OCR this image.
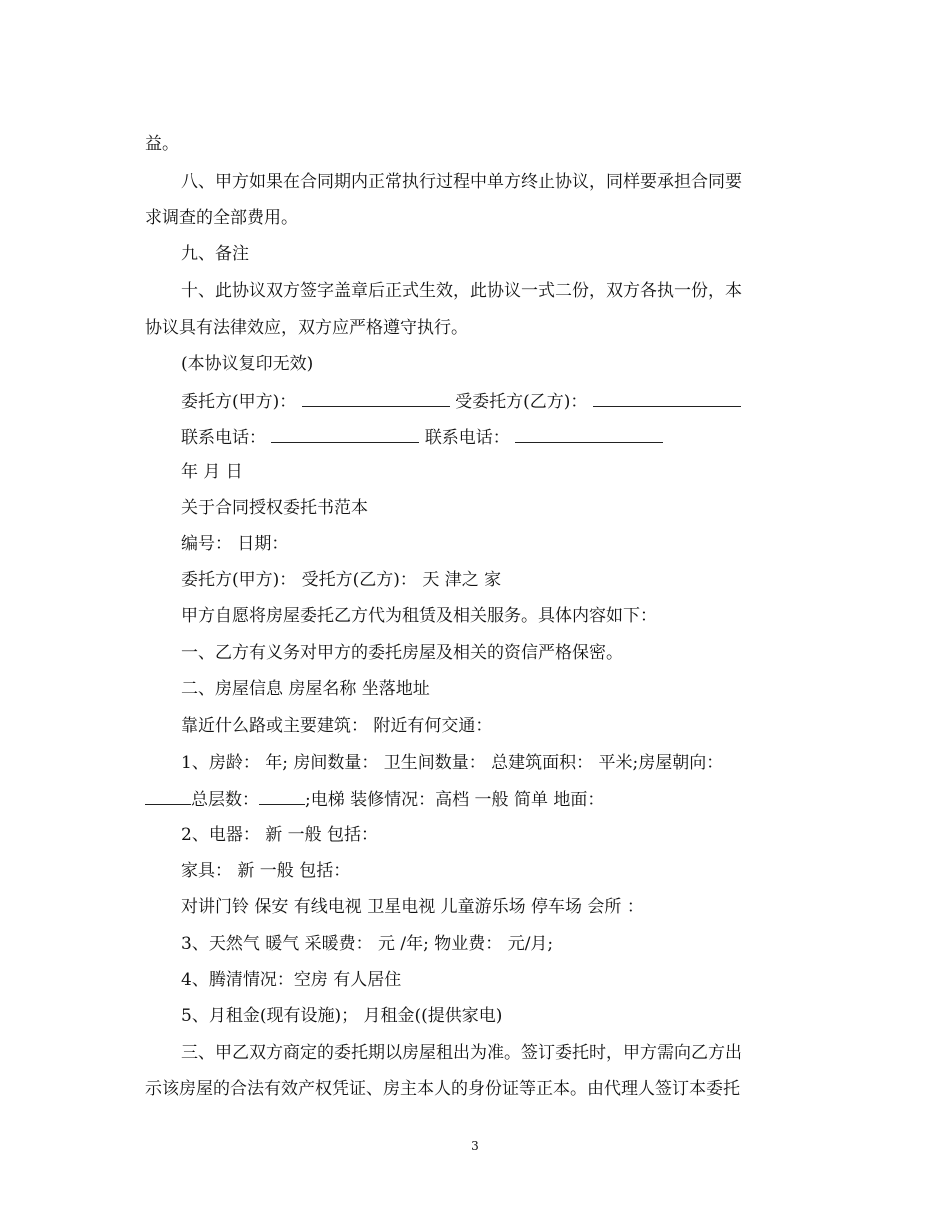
益。
八、甲方如果在合同期内正常执行过程中单方终止协议，同样要承担合同要
求调查的全部费用。
九、备注
十、此协议双方签字盖章后正式生效，此协议一式二份，双方各执一份，本
协议具有法律效应，双方应严格遵守执行。
(本协议复印无效)
委托方(甲方)：	受委托方(乙方)：
联系电话：	联系电话：
年 月 日
关于合同授权委托书范本
编号： 日期：
委托方(甲方)： 受托方(乙方)： 天 津之 家
甲方自愿将房屋委托乙方代为租赁及相关服务。具体内容如下：
一、乙方有义务对甲方的委托房屋及相关的资信严格保密。
二、房屋信息 房屋名称 坐落地址
靠近什么路或主要建筑： 附近有何交通：
1、房龄： 年; 房间数量： 卫生间数量： 总建筑面积： 平米;房屋朝向：
总层数：	;电梯 装修情况：高档 一般 简单 地面：
2、电器： 新 一般 包括：
家具： 新 一般 包括：
对讲门铃 保安 有线电视 卫星电视 儿童游乐场 停车场 会所 ：
3、天然气 暖气 采暖费： 元 /年; 物业费： 元/月;
4、腾清情况：空房 有人居住
5、月租金(现有设施)； 月租金((提供家电)
三、甲乙双方商定的委托期以房屋租出为准。签订委托时，甲方需向乙方出
示该房屋的合法有效产权凭证、房主本人的身份证等正本。由代理人签订本委托
3
